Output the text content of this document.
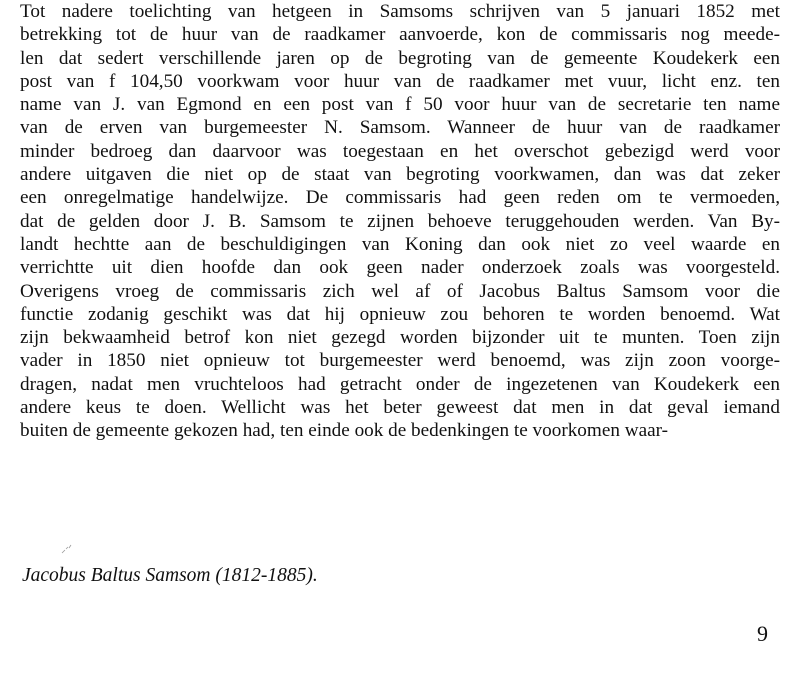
Tot nadere toelichting van hetgeen in Samsoms schrijven van 5 januari 1852 met
betrekking tot de huur van de raadkamer aanvoerde, kon de commissaris nog meede-
len dat sedert verschillende jaren op de begroting van de gemeente Koudekerk een
post van f 104,50 voorkwam voor huur van de raadkamer met vuur, licht enz. ten
name van J. van Egmond en een post van f 50 voor huur van de secretarie ten name
van de erven van burgemeester N. Samsom. Wanneer de huur van de raadkamer
minder bedroeg dan daarvoor was toegestaan en het overschot gebezigd werd voor
andere uitgaven die niet op de staat van begroting voorkwamen, dan was dat zeker
een onregelmatige handelwijze. De commissaris had geen reden om te vermoeden,
dat de gelden door J. B. Samsom te zijnen behoeve teruggehouden werden. Van By-
landt hechtte aan de beschuldigingen van Koning dan ook niet zo veel waarde en
verrichtte uit dien hoofde dan ook geen nader onderzoek zoals was voorgesteld.
Overigens vroeg de commissaris zich wel af of Jacobus Baltus Samsom voor die
functie zodanig geschikt was dat hij opnieuw zou behoren te worden benoemd. Wat
zijn bekwaamheid betrof kon niet gezegd worden bijzonder uit te munten. Toen zijn
vader in 1850 niet opnieuw tot burgemeester werd benoemd, was zijn zoon voorge-
dragen, nadat men vruchteloos had getracht onder de ingezetenen van Koudekerk een
andere keus te doen. Wellicht was het beter geweest dat men in dat geval iemand
buiten de gemeente gekozen had, ten einde ook de bedenkingen te voorkomen waar-
Jacobus Baltus Samsom (1812-1885).
9
